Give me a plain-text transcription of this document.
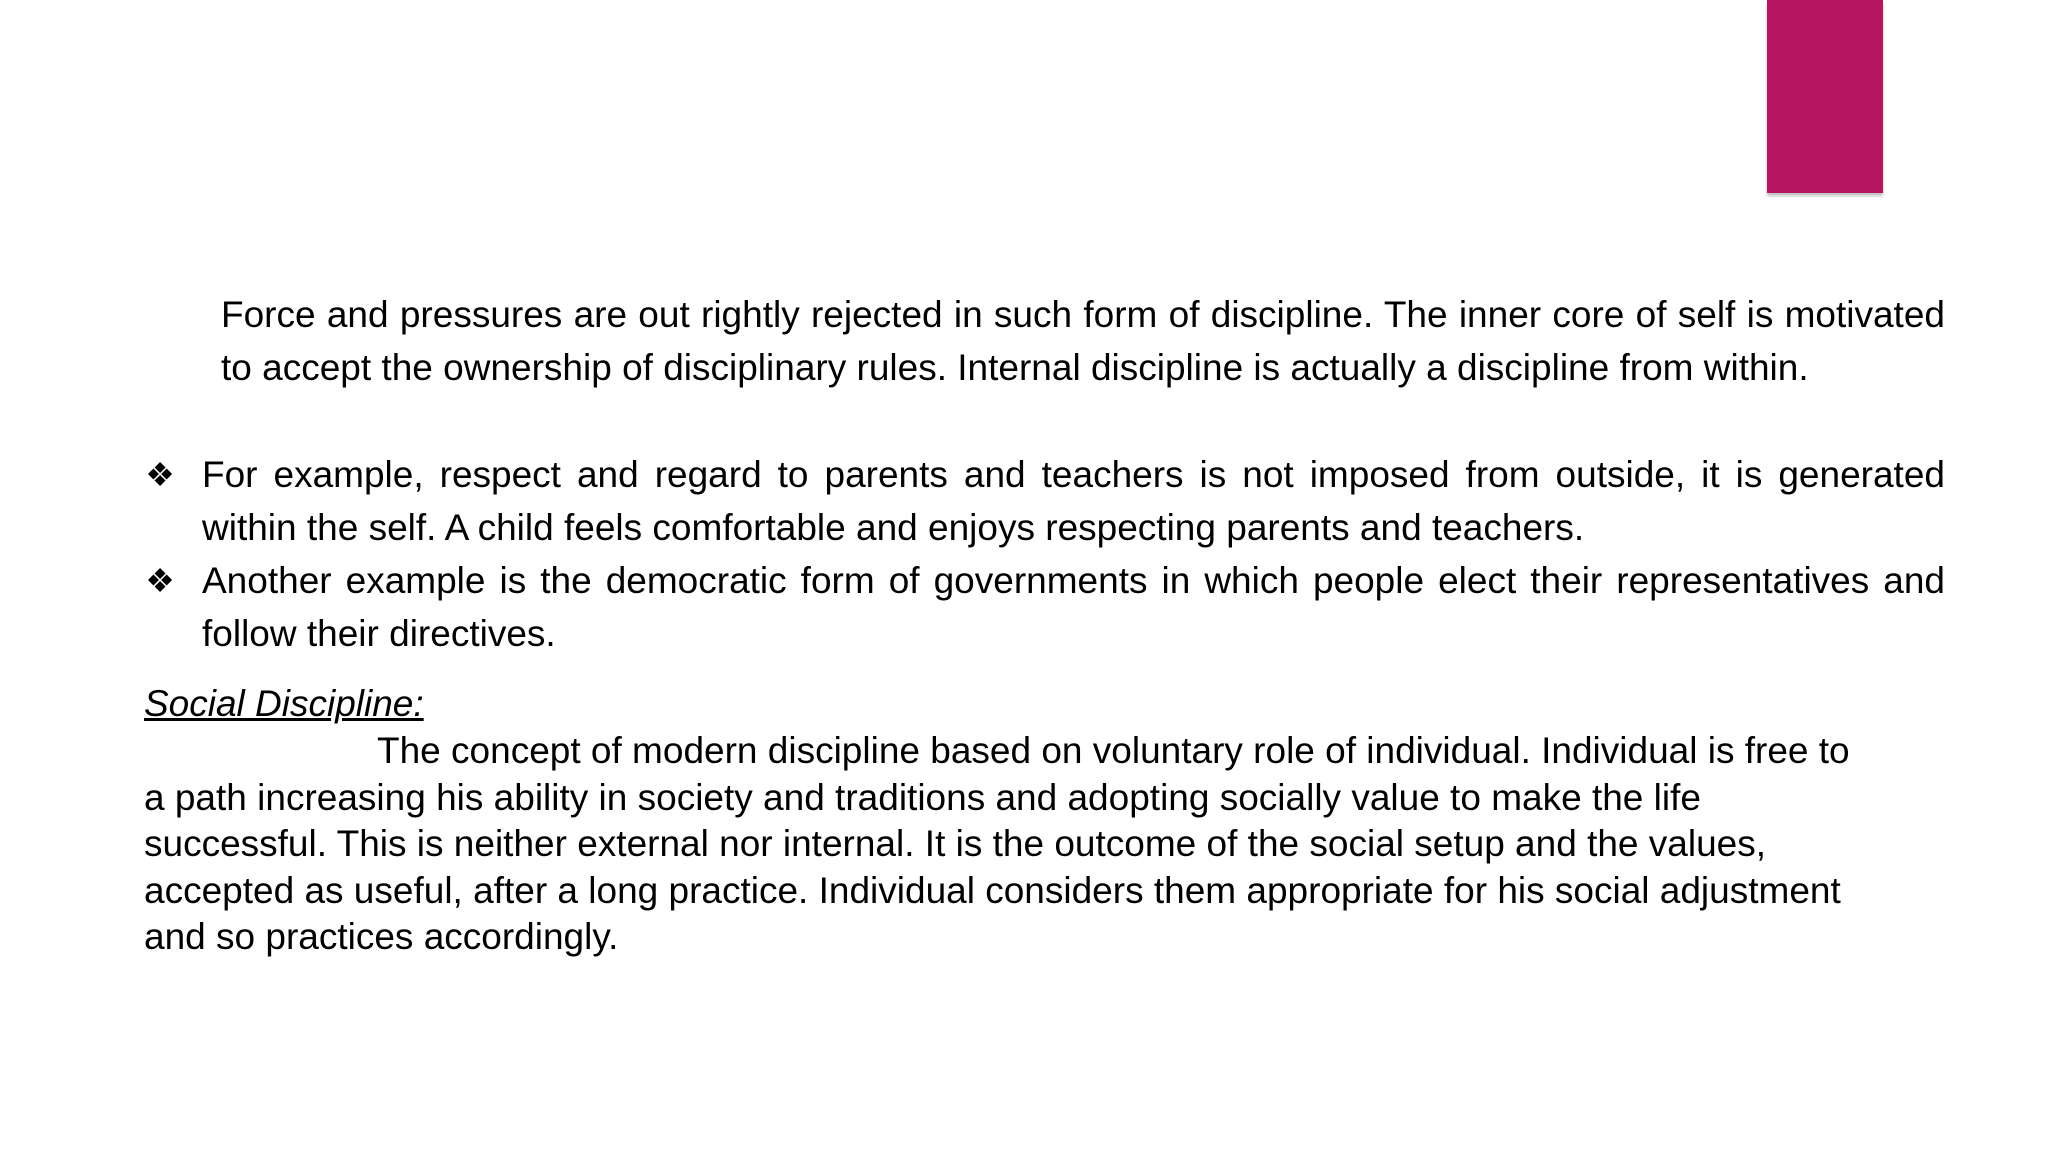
Force and pressures are out rightly rejected in such form of discipline. The inner core of self is motivated to accept the ownership of disciplinary rules. Internal discipline is actually a discipline from within.

❖ For example, respect and regard to parents and teachers is not imposed from outside, it is generated within the self. A child feels comfortable and enjoys respecting parents and teachers.
❖ Another example is the democratic form of governments in which people elect their representatives and follow their directives.

Social Discipline:

The concept of modern discipline based on voluntary role of individual. Individual is free to
a path increasing his ability in society and traditions and adopting socially value to make the life
successful. This is neither external nor internal. It is the outcome of the social setup and the values,
accepted as useful, after a long practice. Individual considers them appropriate for his social adjustment
and so practices accordingly.
